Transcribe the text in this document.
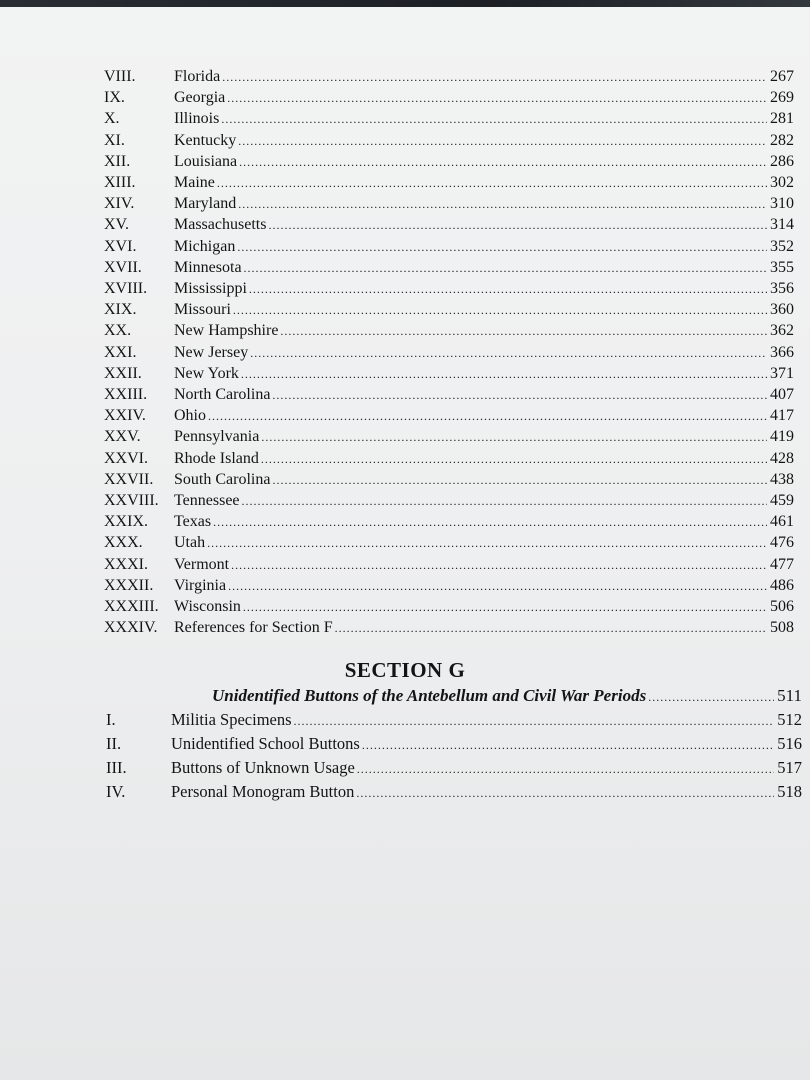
VIII.	Florida .....	267
IX.	Georgia .....	269
X.	Illinois .....	281
XI.	Kentucky .....	282
XII.	Louisiana .....	286
XIII.	Maine .....	302
XIV.	Maryland .....	310
XV.	Massachusetts .....	314
XVI.	Michigan .....	352
XVII.	Minnesota .....	355
XVIII.	Mississippi .....	356
XIX.	Missouri .....	360
XX.	New Hampshire .....	362
XXI.	New Jersey .....	366
XXII.	New York .....	371
XXIII.	North Carolina .....	407
XXIV.	Ohio .....	417
XXV.	Pennsylvania .....	419
XXVI.	Rhode Island .....	428
XXVII.	South Carolina .....	438
XXVIII. Tennessee .....	459
XXIX.	Texas .....	461
XXX.	Utah .....	476
XXXI.	Vermont .....	477
XXXII.	Virginia .....	486
XXXIII. Wisconsin .....	506
XXXIV.	References for Section F .....	508
SECTION G
Unidentified Buttons of the Antebellum and Civil War Periods .....	511
I.	Militia Specimens .....	512
II.	Unidentified School Buttons .....	516
III.	Buttons of Unknown Usage .....	517
IV.	Personal Monogram Button .....	518
